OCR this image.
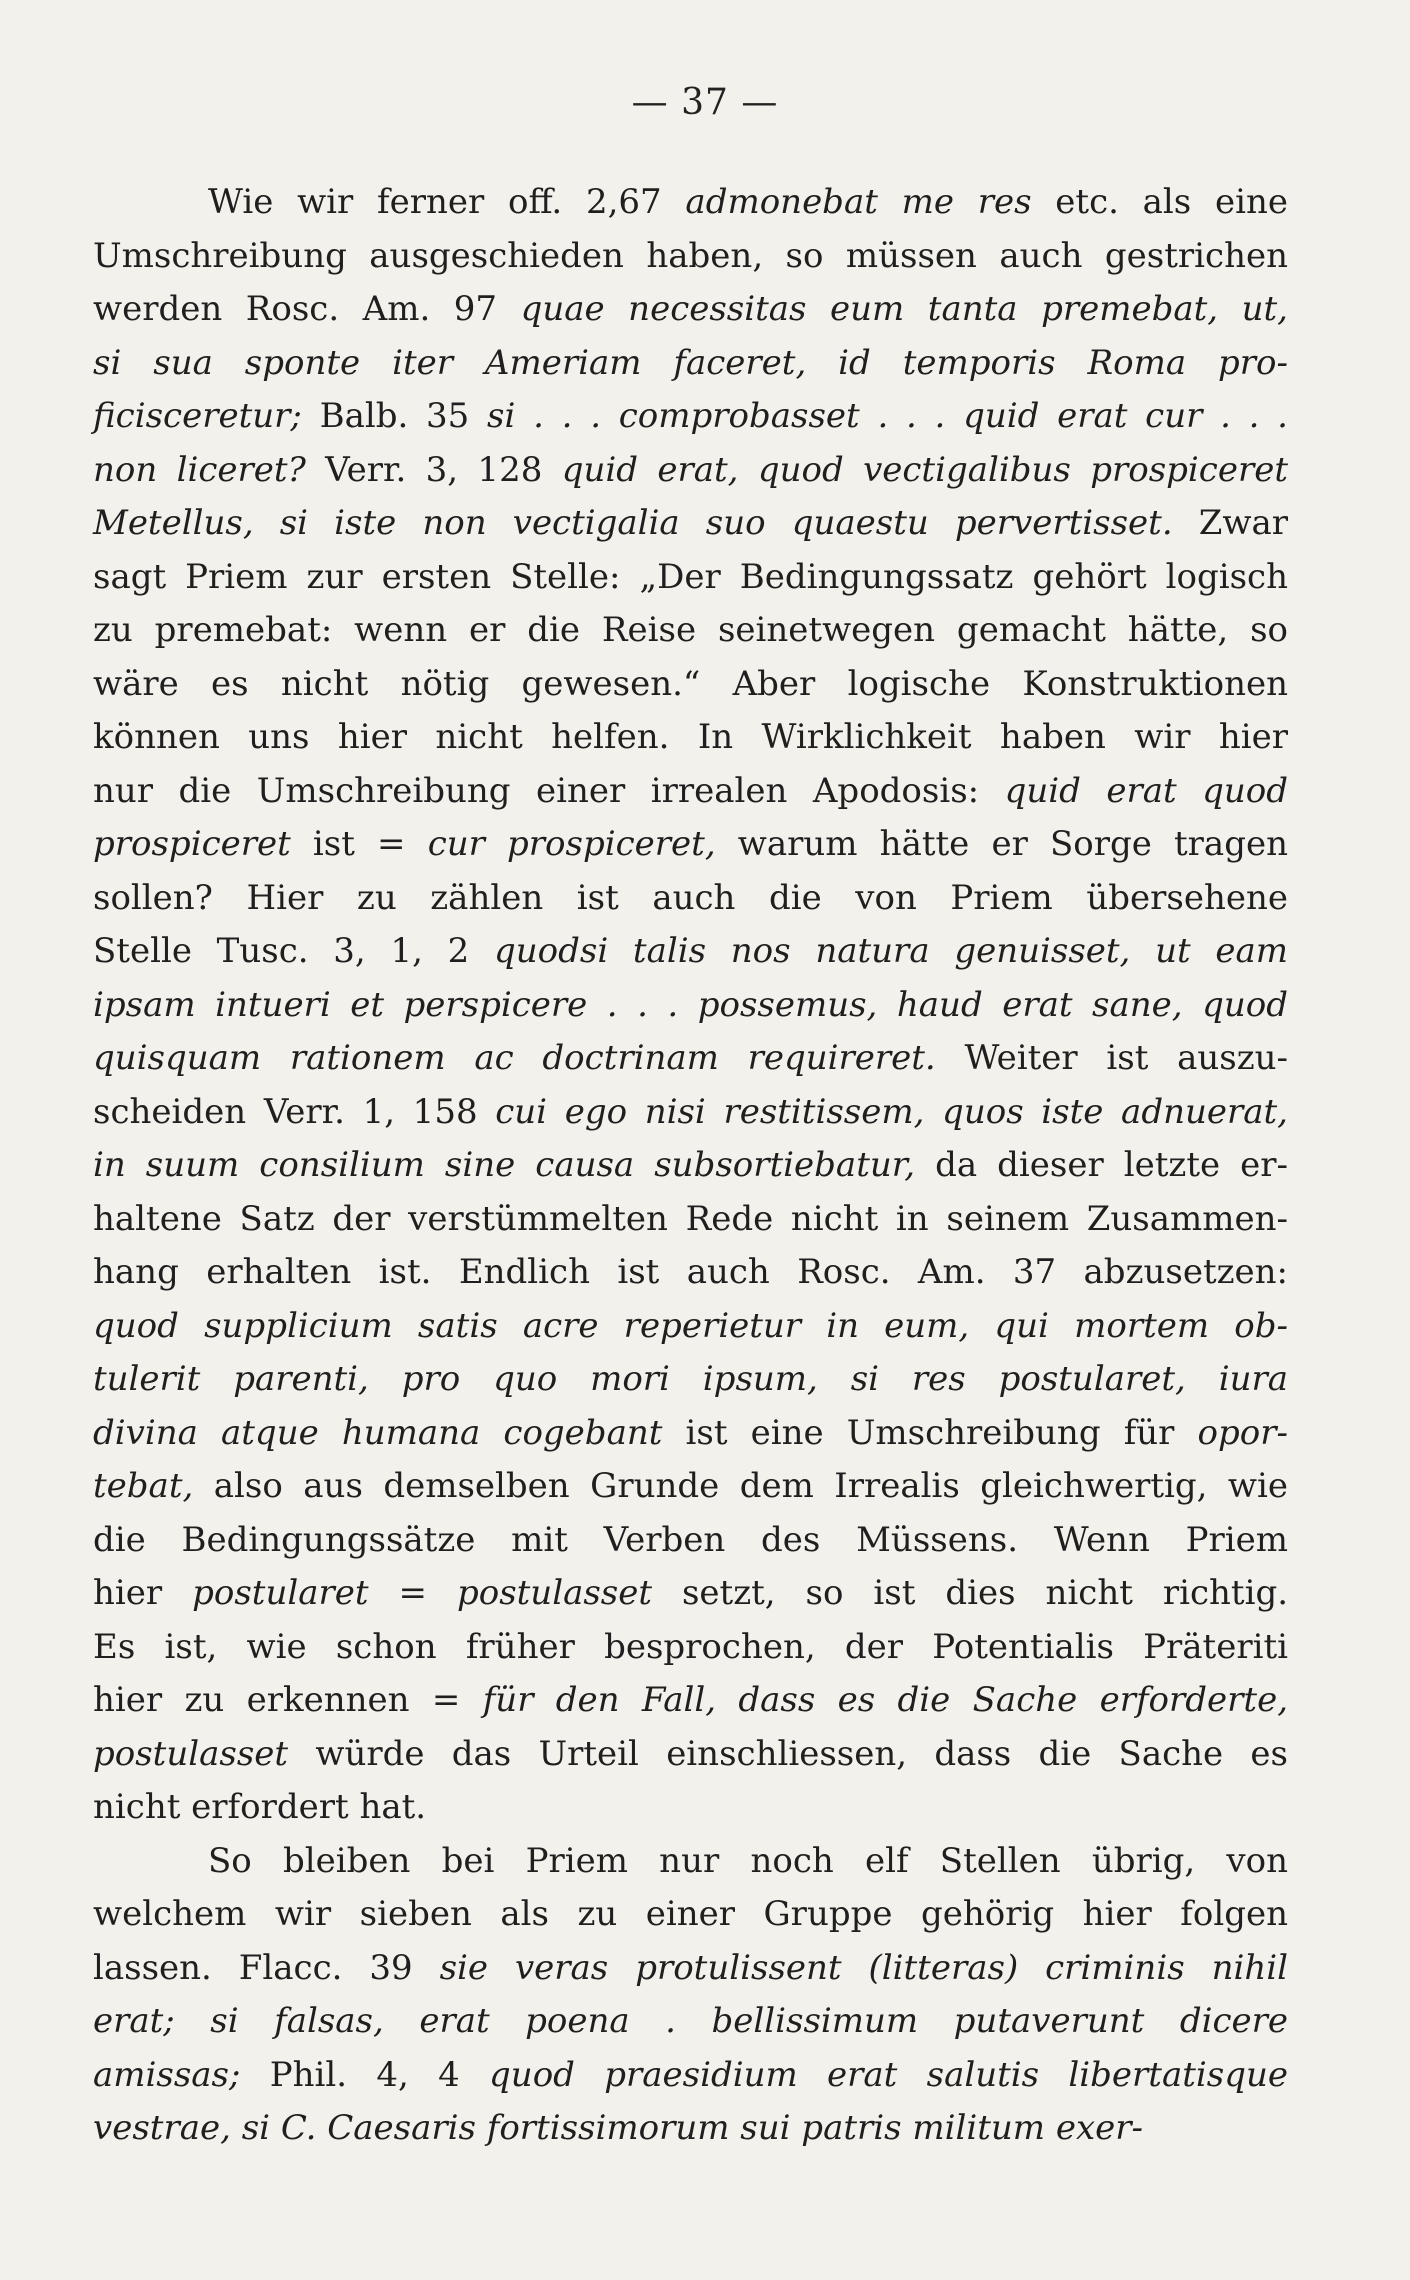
— 37 —

Wie wir ferner off. 2,67 admonebat me res etc. als eine
Umschreibung ausgeschieden haben, so müssen auch gestrichen
werden Rosc. Am. 97 quae necessitas eum tanta premebat, ut,
si sua sponte iter Ameriam faceret, id temporis Roma pro-
ficisceretur; Balb. 35 si . . . comprobasset . . . quid erat cur . . .
non liceret? Verr. 3, 128 quid erat, quod vectigalibus prospiceret
Metellus, si iste non vectigalia suo quaestu pervertisset. Zwar
sagt Priem zur ersten Stelle: „Der Bedingungssatz gehört logisch
zu premebat: wenn er die Reise seinetwegen gemacht hätte, so
wäre es nicht nötig gewesen.“ Aber logische Konstruktionen
können uns hier nicht helfen. In Wirklichkeit haben wir hier
nur die Umschreibung einer irrealen Apodosis: quid erat quod
prospiceret ist = cur prospiceret, warum hätte er Sorge tragen
sollen? Hier zu zählen ist auch die von Priem übersehene
Stelle Tusc. 3, 1, 2 quodsi talis nos natura genuisset, ut eam
ipsam intueri et perspicere . . . possemus, haud erat sane, quod
quisquam rationem ac doctrinam requireret. Weiter ist auszu-
scheiden Verr. 1, 158 cui ego nisi restitissem, quos iste adnuerat,
in suum consilium sine causa subsortiebatur, da dieser letzte er-
haltene Satz der verstümmelten Rede nicht in seinem Zusammen-
hang erhalten ist. Endlich ist auch Rosc. Am. 37 abzusetzen:
quod supplicium satis acre reperietur in eum, qui mortem ob-
tulerit parenti, pro quo mori ipsum, si res postularet, iura
divina atque humana cogebant ist eine Umschreibung für opor-
tebat, also aus demselben Grunde dem Irrealis gleichwertig, wie
die Bedingungssätze mit Verben des Müssens. Wenn Priem
hier postularet = postulasset setzt, so ist dies nicht richtig.
Es ist, wie schon früher besprochen, der Potentialis Präteriti
hier zu erkennen = für den Fall, dass es die Sache erforderte,
postulasset würde das Urteil einschliessen, dass die Sache es
nicht erfordert hat.

So bleiben bei Priem nur noch elf Stellen übrig, von
welchem wir sieben als zu einer Gruppe gehörig hier folgen
lassen. Flacc. 39 sie veras protulissent (litteras) criminis nihil
erat; si falsas, erat poena . bellissimum putaverunt dicere
amissas; Phil. 4, 4 quod praesidium erat salutis libertatisque
vestrae, si C. Caesaris fortissimorum sui patris militum exer-
